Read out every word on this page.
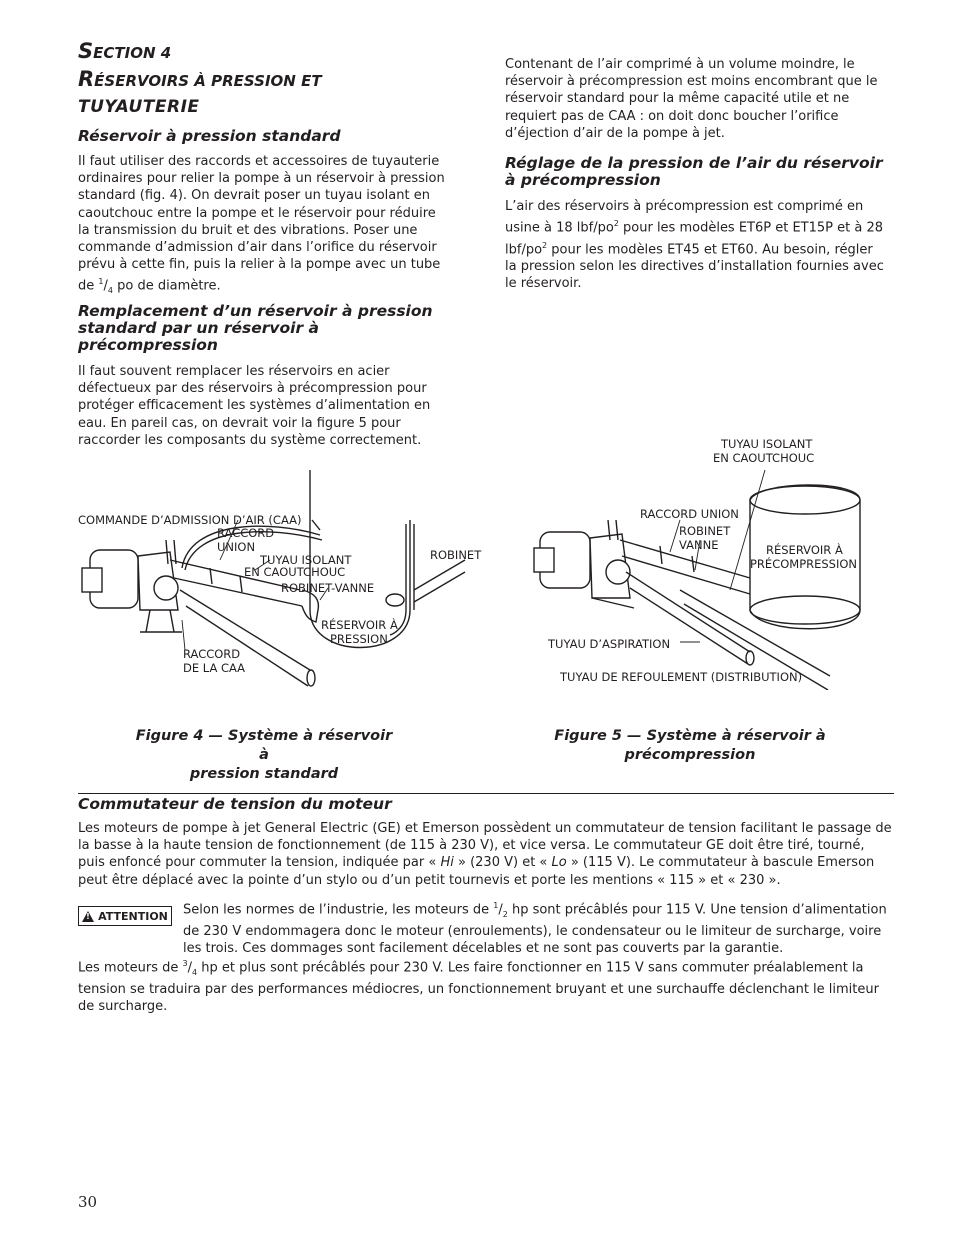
SECTION 4
RÉSERVOIRS À PRESSION ET
TUYAUTERIE
Réservoir à pression standard

Il faut utiliser des raccords et accessoires de tuyauterie ordinaires pour relier la pompe à un réservoir à pression standard (fig. 4). On devrait poser un tuyau isolant en caoutchouc entre la pompe et le réservoir pour réduire la transmission du bruit et des vibrations. Poser une commande d’admission d’air dans l’orifice du réservoir prévu à cette fin, puis la relier à la pompe avec un tube de $^1/_4$ po de diamètre.

Remplacement d’un réservoir à pression standard par un réservoir à précompression

Il faut souvent remplacer les réservoirs en acier défectueux par des réservoirs à précompression pour protéger efficacement les systèmes d’alimentation en eau. En pareil cas, on devrait voir la figure 5 pour raccorder les composants du système correctement.

Contenant de l’air comprimé à un volume moindre, le réservoir à précompression est moins encombrant que le réservoir standard pour la même capacité utile et ne requiert pas de CAA : on doit donc boucher l’orifice d’éjection d’air de la pompe à jet.

Réglage de la pression de l’air du réservoir à précompression

L’air des réservoirs à précompression est comprimé en usine à 18 lbf/$po^2$ pour les modèles ET6P et ET15P et à 28 lbf/$po^2$ pour les modèles ET45 et ET60. Au besoin, régler la pression selon les directives d’installation fournies avec le réservoir.

COMMANDE D’ADMISSION D’AIR (CAA)
RACCORD
UNION
TUYAU ISOLANT
EN CAOUTCHOUC
ROBINET
ROBINET-VANNE
RÉSERVOIR À
PRESSION
RACCORD
DE LA CAA
TUYAU ISOLANT
EN CAOUTCHOUC
RACCORD UNION
ROBINET
VANNE	RÉSERVOIR À
PRÉCOMPRESSION
TUYAU D’ASPIRATION
TUYAU DE REFOULEMENT (DISTRIBUTION)
Figure 4 — Système à réservoir à
pression standard
Figure 5 — Système à réservoir à précompression
Commutateur de tension du moteur

Les moteurs de pompe à jet General Electric (GE) et Emerson possèdent un commutateur de tension facilitant le passage de la basse à la haute tension de fonctionnement (de 115 à 230 V), et vice versa. Le commutateur GE doit être tiré, tourné, puis enfoncé pour commuter la tension, indiquée par « Hi » (230 V) et « Lo » (115 V). Le commutateur à bascule Emerson peut être déplacé avec la pointe d’un stylo ou d’un petit tournevis et porte les mentions « 115 » et « 230 ».

! ATTENTION Selon les normes de l’industrie, les moteurs de $^1/_2$ hp sont précâblés pour 115 V. Une tension d’alimentation de 230 V endommagera donc le moteur (enroulements), le condensateur ou le limiteur de surcharge, voire les trois. Ces dommages sont facilement décelables et ne sont pas couverts par la garantie.

Les moteurs de $^3/_4$ hp et plus sont précâblés pour 230 V. Les faire fonctionner en 115 V sans commuter préalablement la tension se traduira par des performances médiocres, un fonctionnement bruyant et une surchauffe déclenchant le limiteur de surcharge.

30
